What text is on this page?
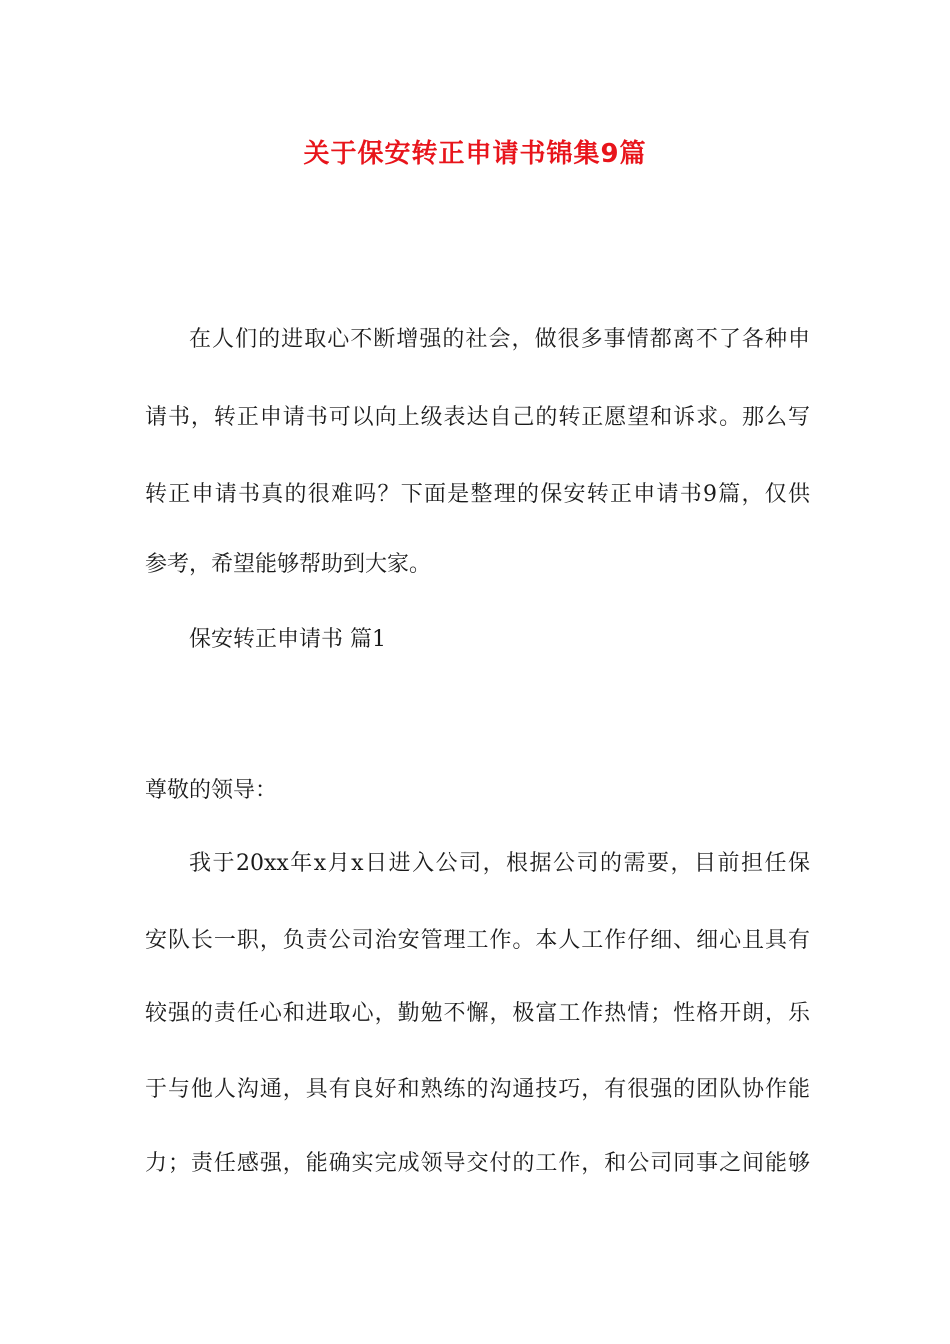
关于保安转正申请书锦集9篇
在人们的进取心不断增强的社会，做很多事情都离不了各种申
请书，转正申请书可以向上级表达自己的转正愿望和诉求。那么写
转正申请书真的很难吗？下面是整理的保安转正申请书9篇，仅供
参考，希望能够帮助到大家。
保安转正申请书 篇1
尊敬的领导：
我于20xx年x月x日进入公司，根据公司的需要，目前担任保
安队长一职，负责公司治安管理工作。本人工作仔细、细心且具有
较强的责任心和进取心，勤勉不懈，极富工作热情；性格开朗，乐
于与他人沟通，具有良好和熟练的沟通技巧，有很强的团队协作能
力；责任感强，能确实完成领导交付的工作，和公司同事之间能够
